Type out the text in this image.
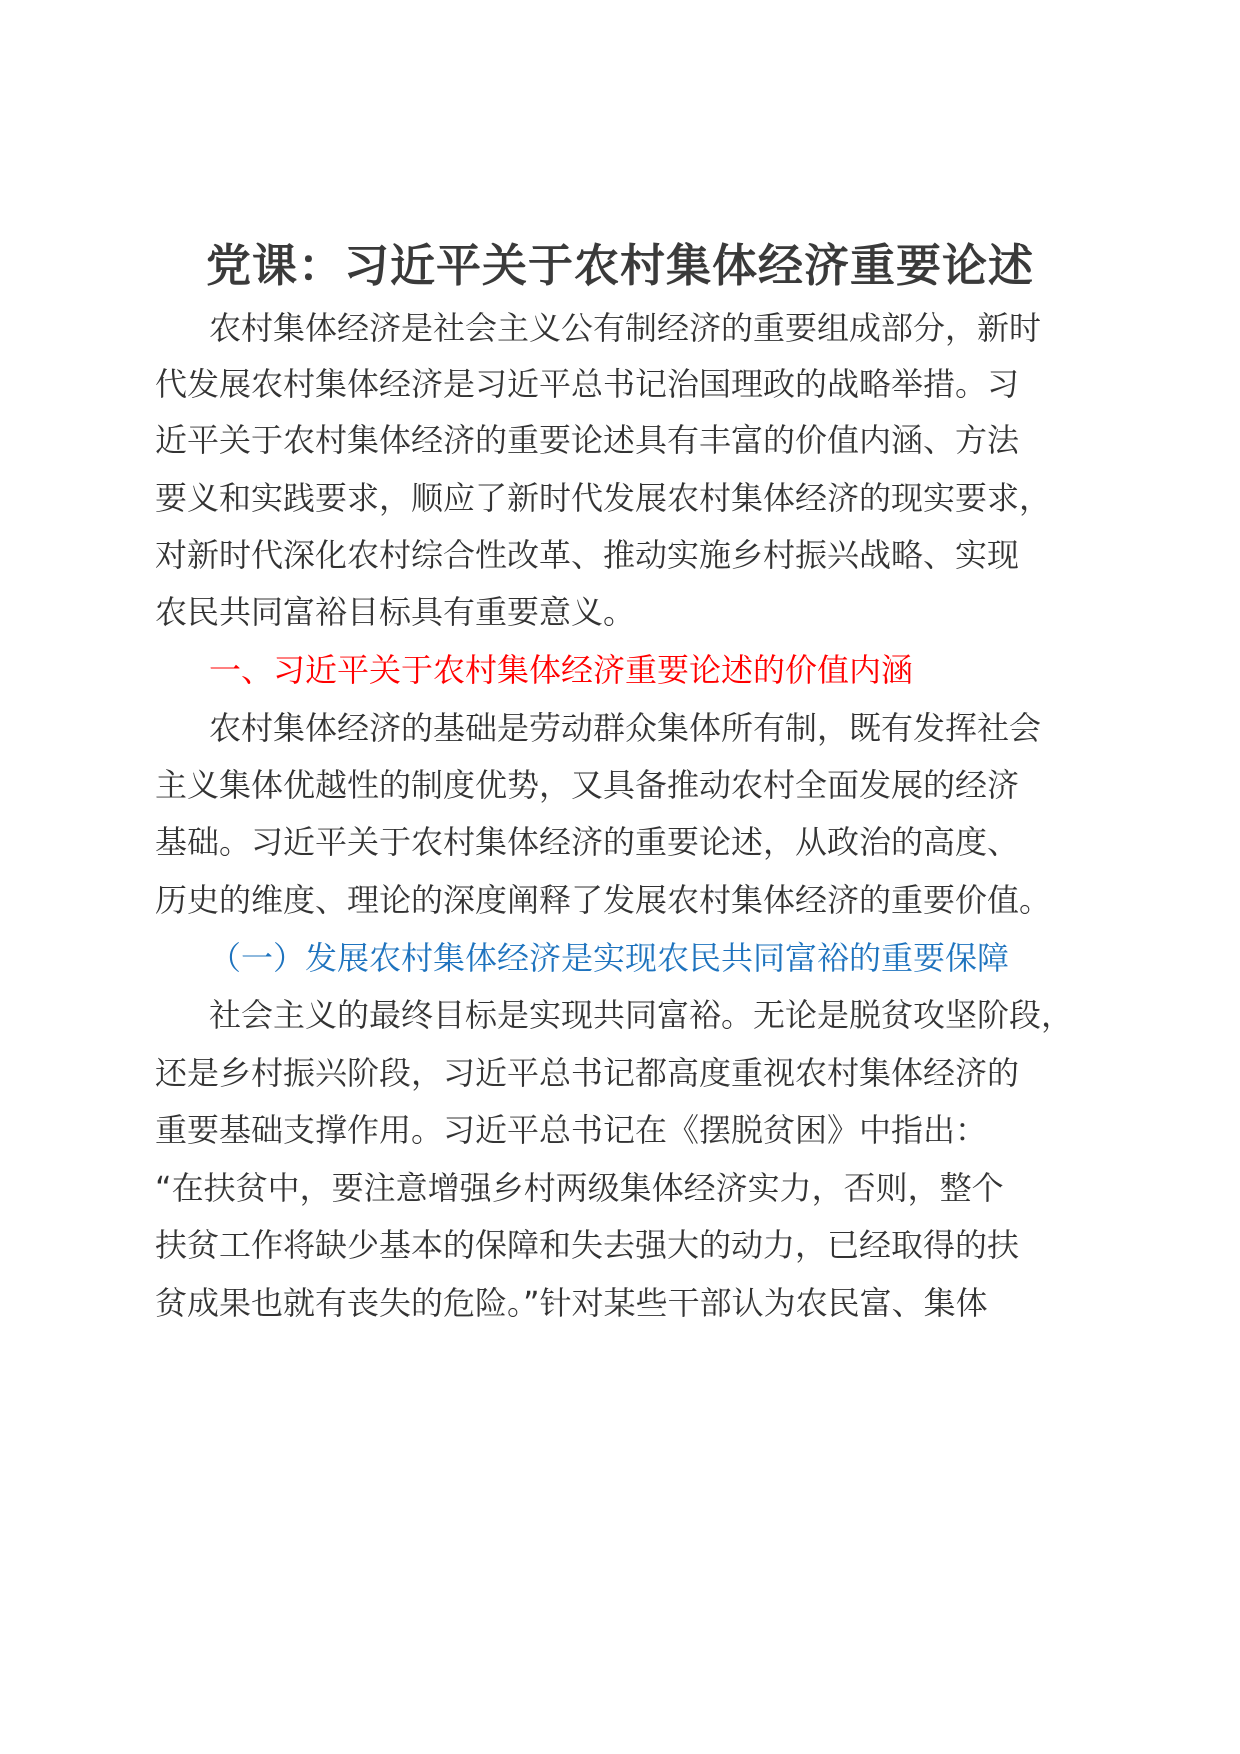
党课：习近平关于农村集体经济重要论述
农村集体经济是社会主义公有制经济的重要组成部分，新时
代发展农村集体经济是习近平总书记治国理政的战略举措。习
近平关于农村集体经济的重要论述具有丰富的价值内涵、方法
要义和实践要求，顺应了新时代发展农村集体经济的现实要求，
对新时代深化农村综合性改革、推动实施乡村振兴战略、实现
农民共同富裕目标具有重要意义。
一、习近平关于农村集体经济重要论述的价值内涵
农村集体经济的基础是劳动群众集体所有制，既有发挥社会
主义集体优越性的制度优势，又具备推动农村全面发展的经济
基础。习近平关于农村集体经济的重要论述，从政治的高度、
历史的维度、理论的深度阐释了发展农村集体经济的重要价值。
（一）发展农村集体经济是实现农民共同富裕的重要保障
社会主义的最终目标是实现共同富裕。无论是脱贫攻坚阶段，
还是乡村振兴阶段，习近平总书记都高度重视农村集体经济的
重要基础支撑作用。习近平总书记在《摆脱贫困》中指出：
“在扶贫中，要注意增强乡村两级集体经济实力，否则，整个
扶贫工作将缺少基本的保障和失去强大的动力，已经取得的扶
贫成果也就有丧失的危险。”针对某些干部认为农民富、集体
